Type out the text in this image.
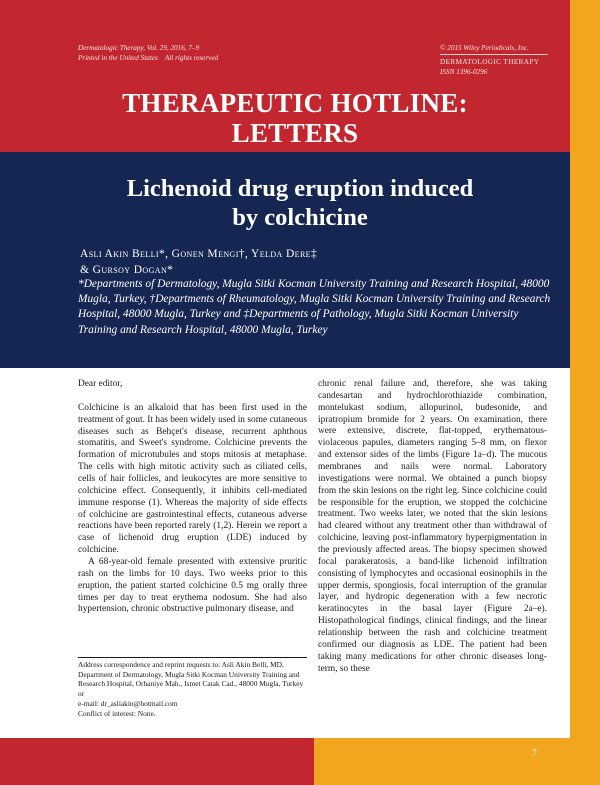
Dermatologic Therapy, Vol. 29, 2016, 7–9
Printed in the United States    All rights reserved
© 2015 Wiley Periodicals, Inc.
DERMATOLOGIC THERAPY
ISSN 1396-0296
THERAPEUTIC HOTLINE:
LETTERS
Lichenoid drug eruption induced
by colchicine
Asli Akin Belli*, Gonen Mengi†, Yelda Dere‡
& Gursoy Dogan*
*Departments of Dermatology, Mugla Sitki Kocman University Training and Research Hospital, 48000 Mugla, Turkey, †Departments of Rheumatology, Mugla Sitki Kocman University Training and Research Hospital, 48000 Mugla, Turkey and ‡Departments of Pathology, Mugla Sitki Kocman University Training and Research Hospital, 48000 Mugla, Turkey

Dear editor,

Colchicine is an alkaloid that has been first used in the treatment of gout. It has been widely used in some cutaneous diseases such as Behçet's disease, recurrent aphthous stomatitis, and Sweet's syndrome. Colchicine prevents the formation of microtubules and stops mitosis at metaphase. The cells with high mitotic activity such as ciliated cells, cells of hair follicles, and leukocytes are more sensitive to colchicine effect. Consequently, it inhibits cell-mediated immune response (1). Whereas the majority of side effects of colchicine are gastrointestinal effects, cutaneous adverse reactions have been reported rarely (1,2). Herein we report a case of lichenoid drug eruption (LDE) induced by colchicine.

A 68-year-old female presented with extensive pruritic rash on the limbs for 10 days. Two weeks prior to this eruption, the patient started colchicine 0.5 mg orally three times per day to treat erythema nodosum. She had also hypertension, chronic obstructive pulmonary disease, and

Address correspondence and reprint requests to: Asli Akin Belli, MD, Department of Dermatology, Mugla Sitki Kocman University Training and Research Hospital, Orhaniye Mah., Ismet Catak Cad., 48000 Mugla, Turkey or
e-mail: dr_asliakin@hotmail.com
Conflict of interest: None.

chronic renal failure and, therefore, she was taking candesartan and hydrochlorothiazide combination, montelukast sodium, allopurinol, budesonide, and ipratropium bromide for 2 years. On examination, there were extensive, discrete, flat-topped, erythematous-violaceous papules, diameters ranging 5–8 mm, on flexor and extensor sides of the limbs (Figure 1a–d). The mucous membranes and nails were normal. Laboratory investigations were normal. We obtained a punch biopsy from the skin lesions on the right leg. Since colchicine could be responsible for the eruption, we stopped the colchicine treatment. Two weeks later, we noted that the skin lesions had cleared without any treatment other than withdrawal of colchicine, leaving post-inflammatory hyperpigmentation in the previously affected areas. The biopsy specimen showed focal parakeratosis, a band-like lichenoid infiltration consisting of lymphocytes and occasional eosinophils in the upper dermis, spongiosis, focal interruption of the granular layer, and hydropic degeneration with a few necrotic keratinocytes in the basal layer (Figure 2a–e). Histopathological findings, clinical findings, and the linear relationship between the rash and colchicine treatment confirmed our diagnosis as LDE. The patient had been taking many medications for other chronic diseases long-term, so these

7
